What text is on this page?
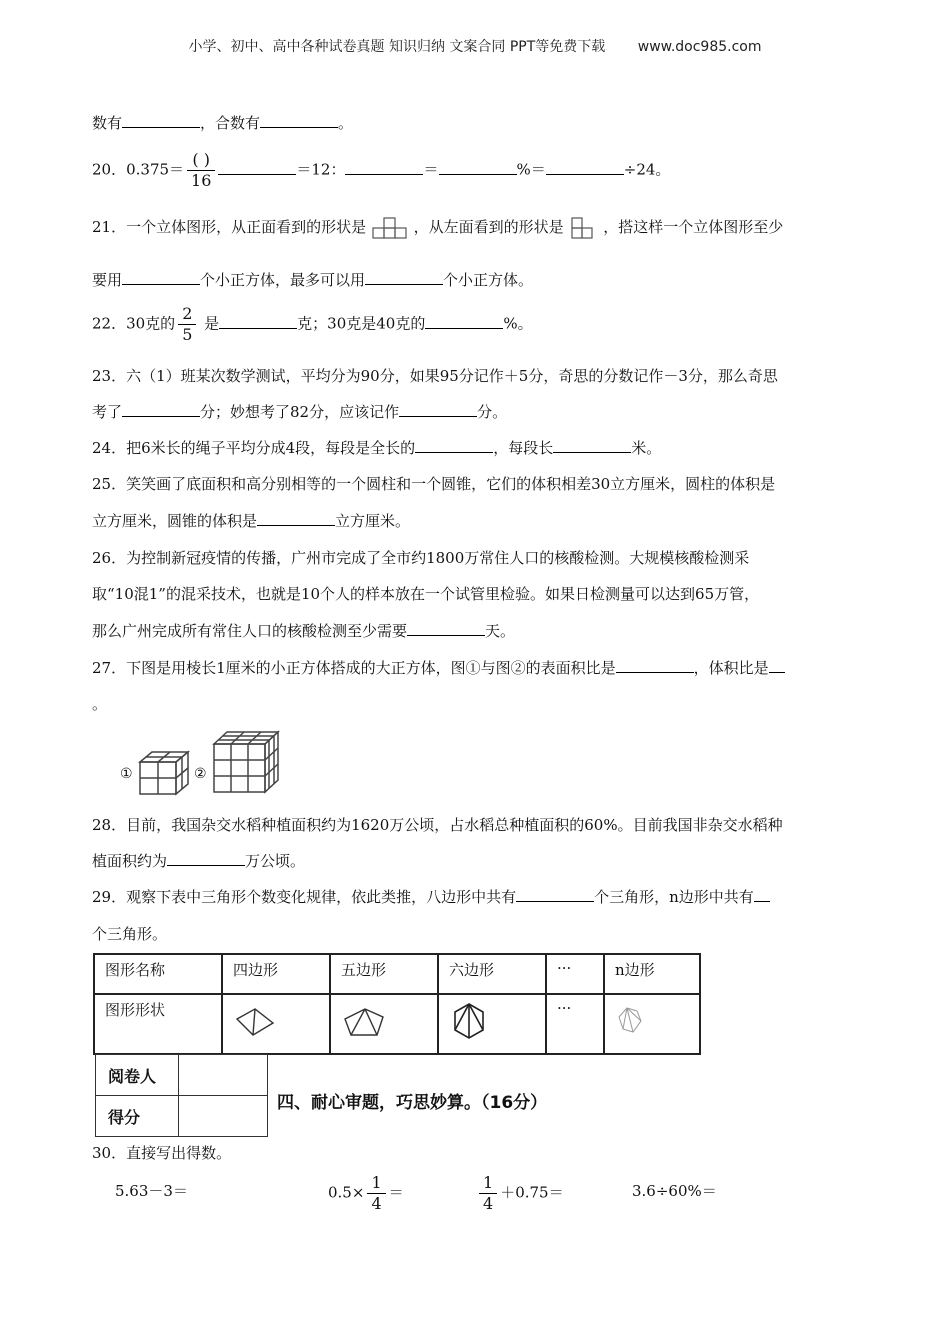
小学、初中、高中各种试卷真题 知识归纳 文案合同 PPT等免费下载 www.doc985.com
数有	，合数有	。
20．$0.375= \frac{( )}{16}$	＝12：	＝	%＝	÷24。
21．一个立体图形，从正面看到的形状是	，从左面看到的形状是	，搭这样一个立体图形至少
要用	个小正方体，最多可以用	个小正方体。
22．30克的 $\frac{2}{5}$ 是	克；30克是40克的	%。
23．六（1）班某次数学测试，平均分为90分，如果95分记作＋5分，奇思的分数记作－3分，那么奇思
考了	分；妙想考了82分，应该记作	分。
24．把6米长的绳子平均分成4段，每段是全长的	，每段长	米。
25．笑笑画了底面积和高分别相等的一个圆柱和一个圆锥，它们的体积相差30立方厘米，圆柱的体积是
立方厘米，圆锥的体积是	立方厘米。
26．为控制新冠疫情的传播，广州市完成了全市约1800万常住人口的核酸检测。大规模核酸检测采
取“10混1”的混采技术，也就是10个人的样本放在一个试管里检验。如果日检测量可以达到65万管，
那么广州完成所有常住人口的核酸检测至少需要	天。
27．下图是用棱长1厘米的小正方体搭成的大正方体，图①与图②的表面积比是	，体积比是
。
①	②
28．目前，我国杂交水稻种植面积约为1620万公顷，占水稻总种植面积的60%。目前我国非杂交水稻种
植面积约为	万公顷。
29．观察下表中三角形个数变化规律，依此类推，八边形中共有	个三角形，n边形中共有
个三角形。
图形名称	四边形	五边形	六边形	···	n边形
图形形状				···	
阅卷人	
得分	
四、耐心审题，巧思妙算。（16分）
30．直接写出得数。
5.63－3＝	$0.5\times \frac{1}{4}$ ＝	$\frac{1}{4} +0.75=$	3.6÷60%＝
